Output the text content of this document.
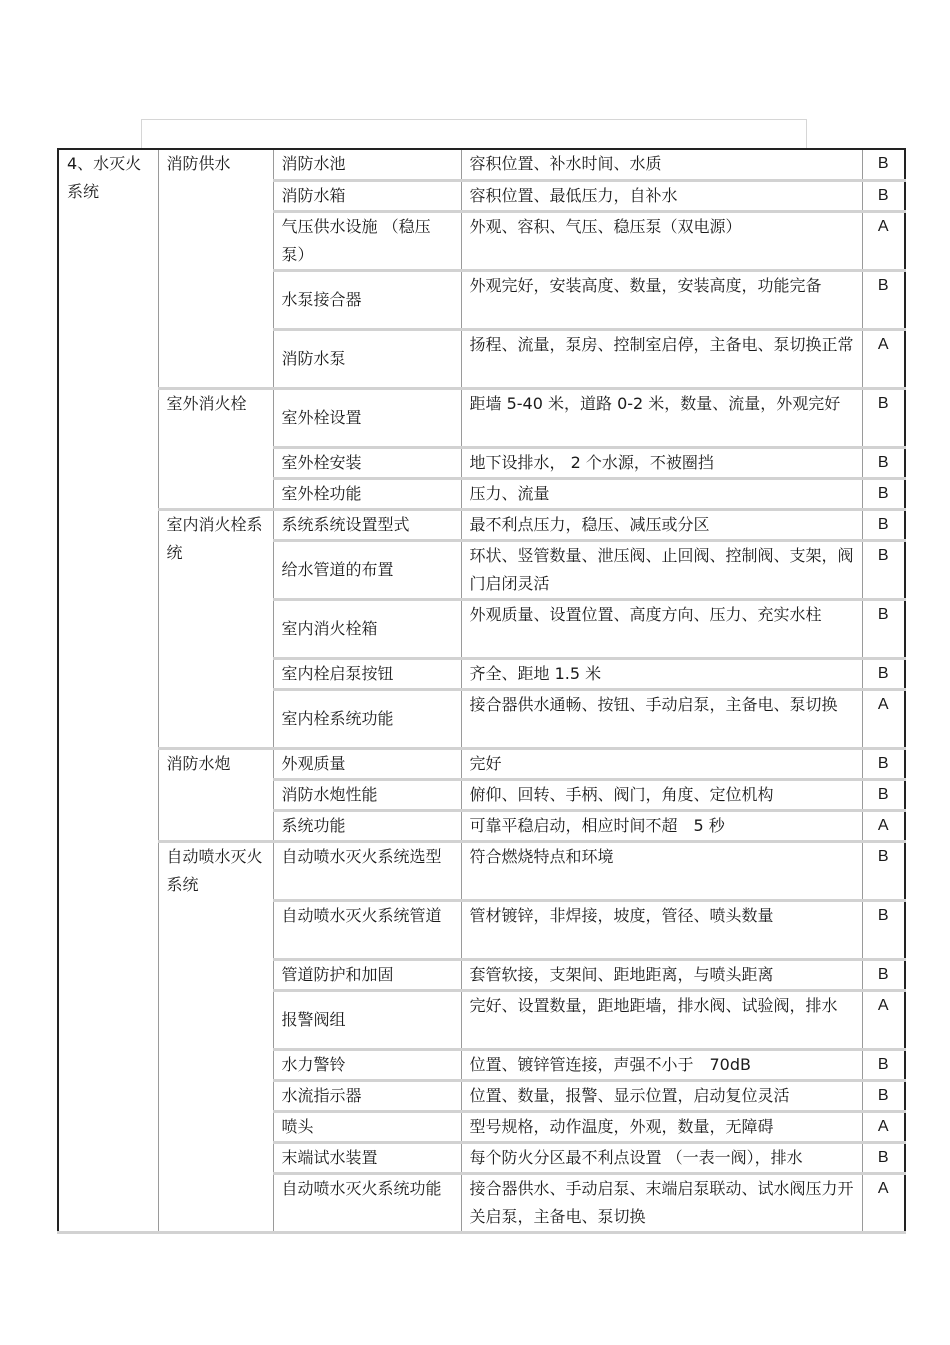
4、水灭火系统	消防供水	消防水池	容积位置、补水时间、水质	B
		消防水箱	容积位置、最低压力，自补水	B
		气压供水设施 （稳压泵）	外观、容积、气压、稳压泵（双电源）	A
		水泵接合器	外观完好，安装高度、数量，安装高度，功能完备	B
		消防水泵	扬程、流量，泵房、控制室启停，主备电、泵切换正常	A
	室外消火栓	室外栓设置	距墙 5-40 米，道路 0-2 米，数量、流量，外观完好	B
		室外栓安装	地下设排水， 2 个水源，不被圈挡	B
		室外栓功能	压力、流量	B
	室内消火栓系统	系统系统设置型式	最不利点压力，稳压、减压或分区	B
		给水管道的布置	环状、竖管数量、泄压阀、止回阀、控制阀、支架，阀门启闭灵活	B
		室内消火栓箱	外观质量、设置位置、高度方向、压力、充实水柱	B
		室内栓启泵按钮	齐全、距地 1.5 米	B
		室内栓系统功能	接合器供水通畅、按钮、手动启泵，主备电、泵切换	A
	消防水炮	外观质量	完好	B
		消防水炮性能	俯仰、回转、手柄、阀门，角度、定位机构	B
		系统功能	可靠平稳启动，相应时间不超　5 秒	A
	自动喷水灭火系统	自动喷水灭火系统选型	符合燃烧特点和环境	B
		自动喷水灭火系统管道	管材镀锌，非焊接，坡度，管径、喷头数量	B
		管道防护和加固	套管软接，支架间、距地距离，与喷头距离	B
		报警阀组	完好、设置数量，距地距墙，排水阀、试验阀，排水	A
		水力警铃	位置、镀锌管连接，声强不小于　70dB	B
		水流指示器	位置、数量，报警、显示位置，启动复位灵活	B
		喷头	型号规格，动作温度，外观，数量，无障碍	A
		末端试水装置	每个防火分区最不利点设置 （一表一阀），排水	B
		自动喷水灭火系统功能	接合器供水、手动启泵、末端启泵联动、试水阀压力开关启泵，主备电、泵切换	A
